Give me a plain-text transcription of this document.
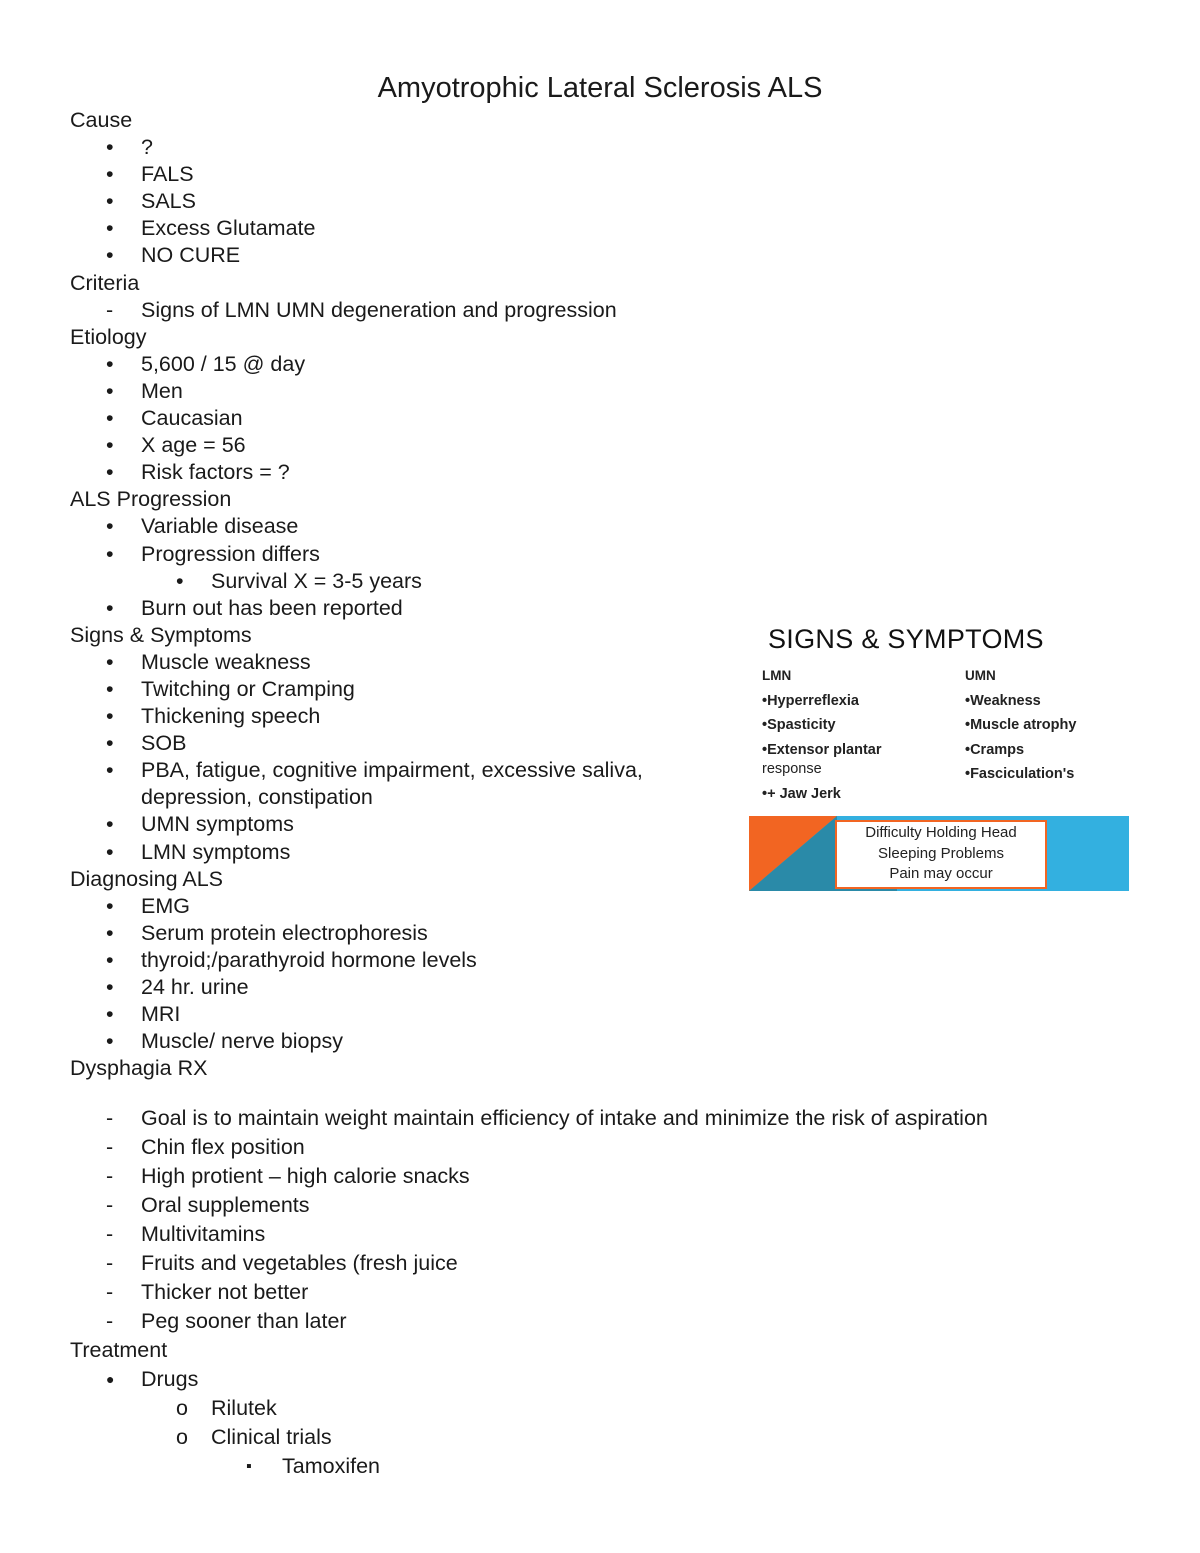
Amyotrophic Lateral Sclerosis ALS
Cause
• ?
• FALS
• SALS
• Excess Glutamate
• NO CURE
Criteria
- Signs of LMN UMN degeneration and progression
Etiology
• 5,600 / 15 @ day
• Men
• Caucasian
• X age = 56
• Risk factors = ?
ALS Progression
• Variable disease
• Progression differs
• Survival X = 3-5 years
• Burn out has been reported
Signs & Symptoms
• Muscle weakness
• Twitching or Cramping
• Thickening speech
• SOB
• PBA, fatigue, cognitive impairment, excessive saliva,
depression, constipation
• UMN symptoms
• LMN symptoms
Diagnosing ALS
• EMG
• Serum protein electrophoresis
• thyroid;/parathyroid hormone levels
• 24 hr. urine
• MRI
• Muscle/ nerve biopsy
Dysphagia RX
- Goal is to maintain weight maintain efficiency of intake and minimize the risk of aspiration
- Chin flex position
- High protient – high calorie snacks
- Oral supplements
- Multivitamins
- Fruits and vegetables (fresh juice
- Thicker not better
- Peg sooner than later
Treatment
● Drugs
o Rilutek
o Clinical trials
▪ Tamoxifen
SIGNS & SYMPTOMS
LMN
•Hyperreflexia
•Spasticity
•Extensor plantar
response
•+ Jaw Jerk
UMN
•Weakness
•Muscle atrophy
•Cramps
•Fasciculation's
Difficulty Holding Head
Sleeping Problems
Pain may occur
